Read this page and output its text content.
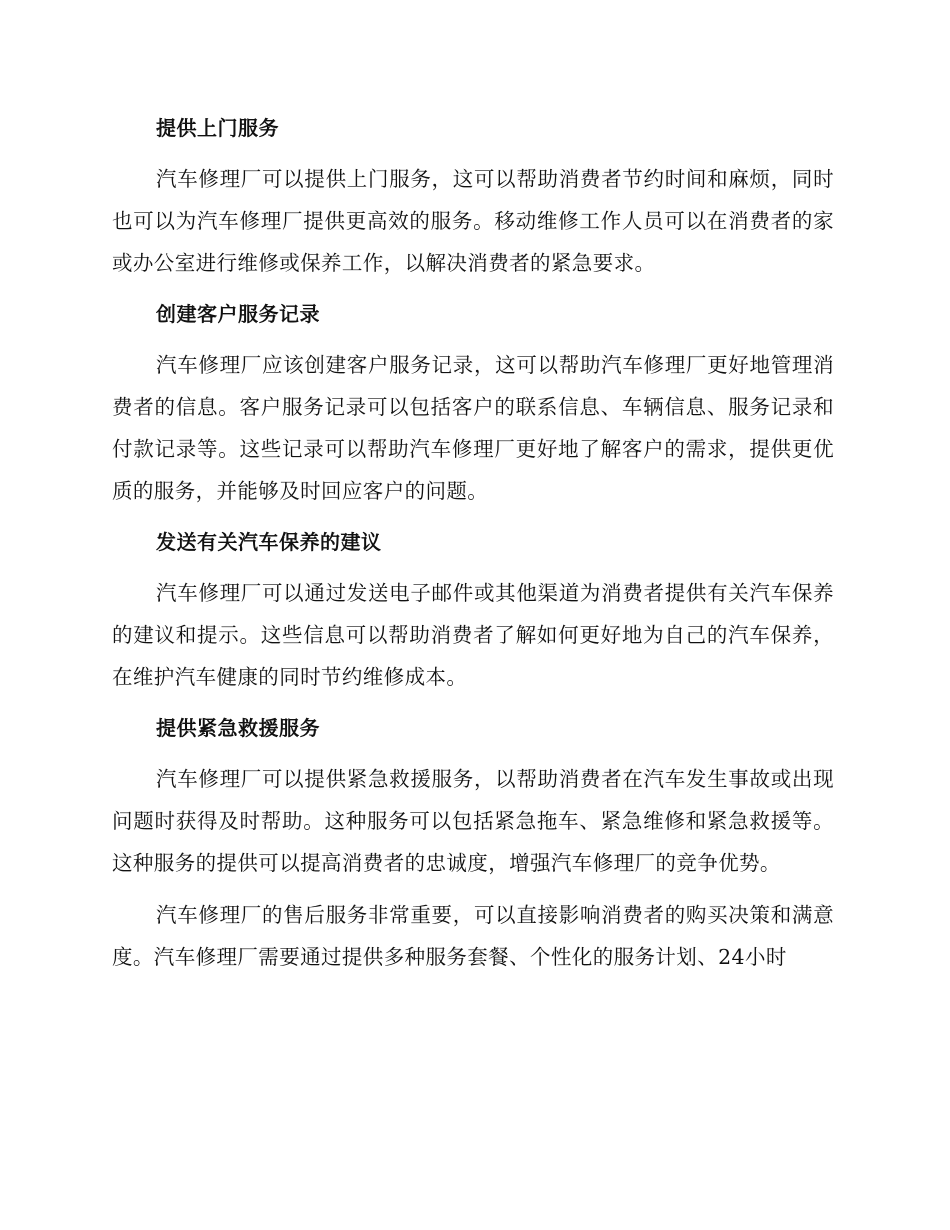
提供上门服务

汽车修理厂可以提供上门服务，这可以帮助消费者节约时间和麻烦，同时也可以为汽车修理厂提供更高效的服务。移动维修工作人员可以在消费者的家或办公室进行维修或保养工作，以解决消费者的紧急要求。

创建客户服务记录

汽车修理厂应该创建客户服务记录，这可以帮助汽车修理厂更好地管理消费者的信息。客户服务记录可以包括客户的联系信息、车辆信息、服务记录和付款记录等。这些记录可以帮助汽车修理厂更好地了解客户的需求，提供更优质的服务，并能够及时回应客户的问题。

发送有关汽车保养的建议

汽车修理厂可以通过发送电子邮件或其他渠道为消费者提供有关汽车保养的建议和提示。这些信息可以帮助消费者了解如何更好地为自己的汽车保养，在维护汽车健康的同时节约维修成本。

提供紧急救援服务

汽车修理厂可以提供紧急救援服务，以帮助消费者在汽车发生事故或出现问题时获得及时帮助。这种服务可以包括紧急拖车、紧急维修和紧急救援等。这种服务的提供可以提高消费者的忠诚度，增强汽车修理厂的竞争优势。

汽车修理厂的售后服务非常重要，可以直接影响消费者的购买决策和满意度。汽车修理厂需要通过提供多种服务套餐、个性化的服务计划、24小时
